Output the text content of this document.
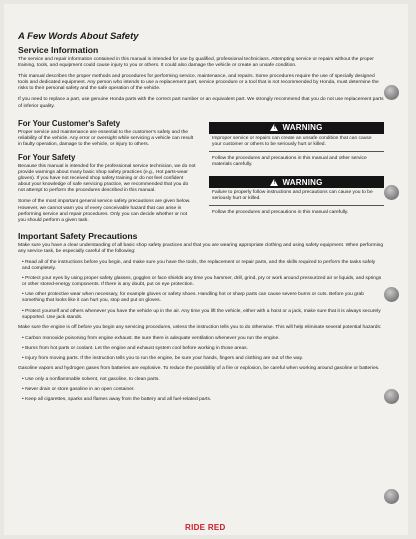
A Few Words About Safety
Service Information

The service and repair information contained in this manual is intended for use by qualified, professional technicians. Attempting service or repairs without the proper training, tools, and equipment could cause injury to you or others. It could also damage the vehicle or create an unsafe condition.

This manual describes the proper methods and procedures for performing service, maintenance, and repairs. Some procedures require the use of specially designed tools and dedicated equipment. Any person who intends to use a replacement part, service procedure or a tool that is not recommended by Honda, must determine the risks to their personal safety and the safe operation of the vehicle.

If you need to replace a part, use genuine Honda parts with the correct part number or an equivalent part. We strongly recommend that you do not use replacement parts of inferior quality.

For Your Customer's Safety

Proper service and maintenance are essential to the customer's safety and the reliability of the vehicle. Any error or oversight while servicing a vehicle can result in faulty operation, damage to the vehicle, or injury to others.

For Your Safety

Because this manual is intended for the professional service technician, we do not provide warnings about many basic shop safety practices (e.g., Hot parts-wear gloves). If you have not received shop safety training or do not feel confident about your knowledge of safe servicing practice, we recommended that you do not attempt to perform the procedures described in this manual.

Some of the most important general service safety precautions are given below. However, we cannot warn you of every conceivable hazard that can arise in performing service and repair procedures. Only you can decide whether or not you should perform a given task.

!
WARNING
Improper service or repairs can create an unsafe condition that can cause your customer or others to be seriously hurt or killed.
Follow the procedures and precautions in this manual and other service materials carefully.
!
WARNING
Failure to properly follow instructions and precautions can cause you to be seriously hurt or killed.
Follow the procedures and precautions in this manual carefully.
Important Safety Precautions

Make sure you have a clear understanding of all basic shop safety practices and that you are wearing appropriate clothing and using safety equipment. When performing any service task, be especially careful of the following:

• Read all of the instructions before you begin, and make sure you have the tools, the replacement or repair parts, and the skills required to perform the tasks safely and completely.
• Protect your eyes by using proper safety glasses, goggles or face shields any time you hammer, drill, grind, pry or work around pressurized air or liquids, and springs or other stored-energy components. If there is any doubt, put on eye protection.
• Use other protective wear when necessary, for example gloves or safety shoes. Handling hot or sharp parts can cause severe burns or cuts. Before you grab something that looks like it can hurt you, stop and put on gloves.
• Protect yourself and others whenever you have the vehicle up in the air. Any time you lift the vehicle, either with a hoist or a jack, make sure that it is always securely supported. Use jack stands.

Make sure the engine is off before you begin any servicing procedures, unless the instruction tells you to do otherwise. This will help eliminate several potential hazards:

• Carbon monoxide poisoning from engine exhaust. Be sure there is adequate ventilation whenever you run the engine.
• Burns from hot parts or coolant. Let the engine and exhaust system cool before working in those areas.
• Injury from moving parts. If the instruction tells you to run the engine, be sure your hands, fingers and clothing are out of the way.

Gasoline vapors and hydrogen gases from batteries are explosive. To reduce the possibility of a fire or explosion, be careful when working around gasoline or batteries.

• Use only a nonflammable solvent, not gasoline, to clean parts.
• Never drain or store gasoline in an open container.
• Keep all cigarettes, sparks and flames away from the battery and all fuel-related parts.
RIDE RED
